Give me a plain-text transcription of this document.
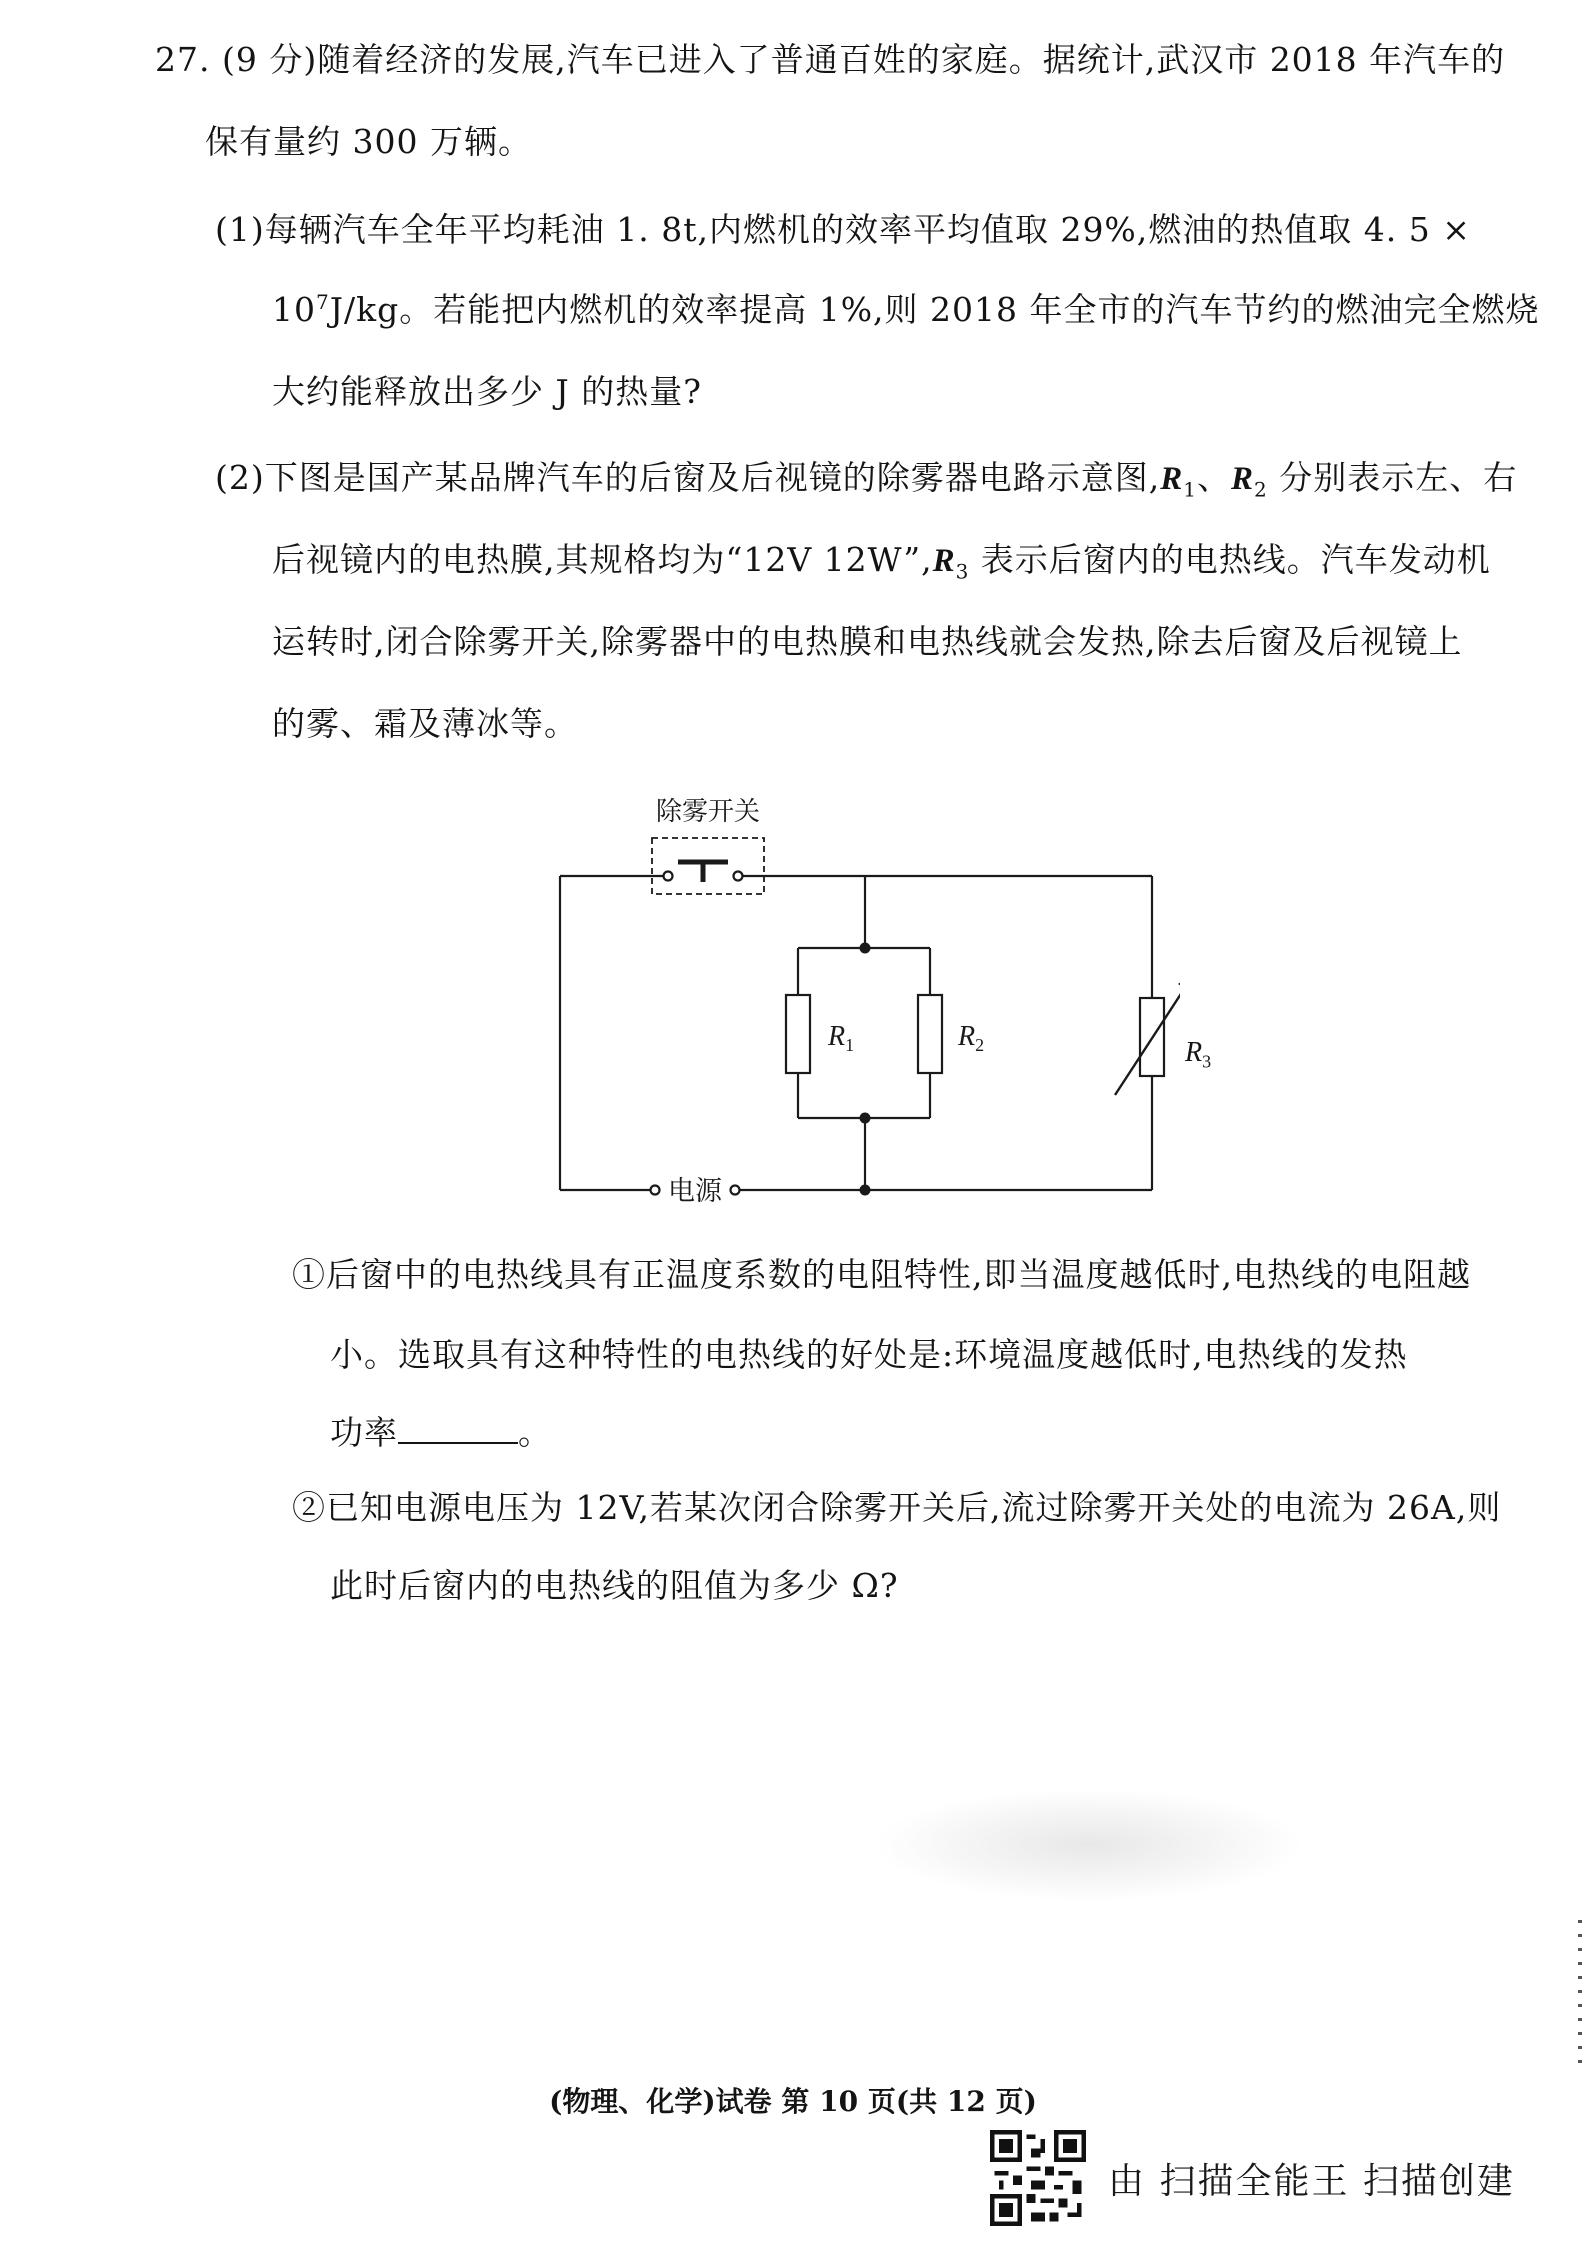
27. (9 分)随着经济的发展,汽车已进入了普通百姓的家庭。据统计,武汉市 2018 年汽车的
保有量约 300 万辆。
(1)每辆汽车全年平均耗油 1. 8t,内燃机的效率平均值取 29%,燃油的热值取 4. 5 ×
$10^7J/kg$。若能把内燃机的效率提高 1%,则 2018 年全市的汽车节约的燃油完全燃烧
大约能释放出多少 J 的热量?
(2)下图是国产某品牌汽车的后窗及后视镜的除雾器电路示意图$,R_1$、$R_2$ 分别表示左、右
后视镜内的电热膜,其规格均为“12V $12W”,R_3$ 表示后窗内的电热线。汽车发动机
运转时,闭合除雾开关,除雾器中的电热膜和电热线就会发热,除去后窗及后视镜上
的雾、霜及薄冰等。
除雾开关
电源
$R_1$	$R_2$	$R_3$
①后窗中的电热线具有正温度系数的电阻特性,即当温度越低时,电热线的电阻越
小。选取具有这种特性的电热线的好处是:环境温度越低时,电热线的发热
功率	。
②已知电源电压为 12V,若某次闭合除雾开关后,流过除雾开关处的电流为 26A,则
此时后窗内的电热线的阻值为多少 Ω?
(物理、化学)试卷 第 10 页(共 12 页)
由 扫描全能王 扫描创建
